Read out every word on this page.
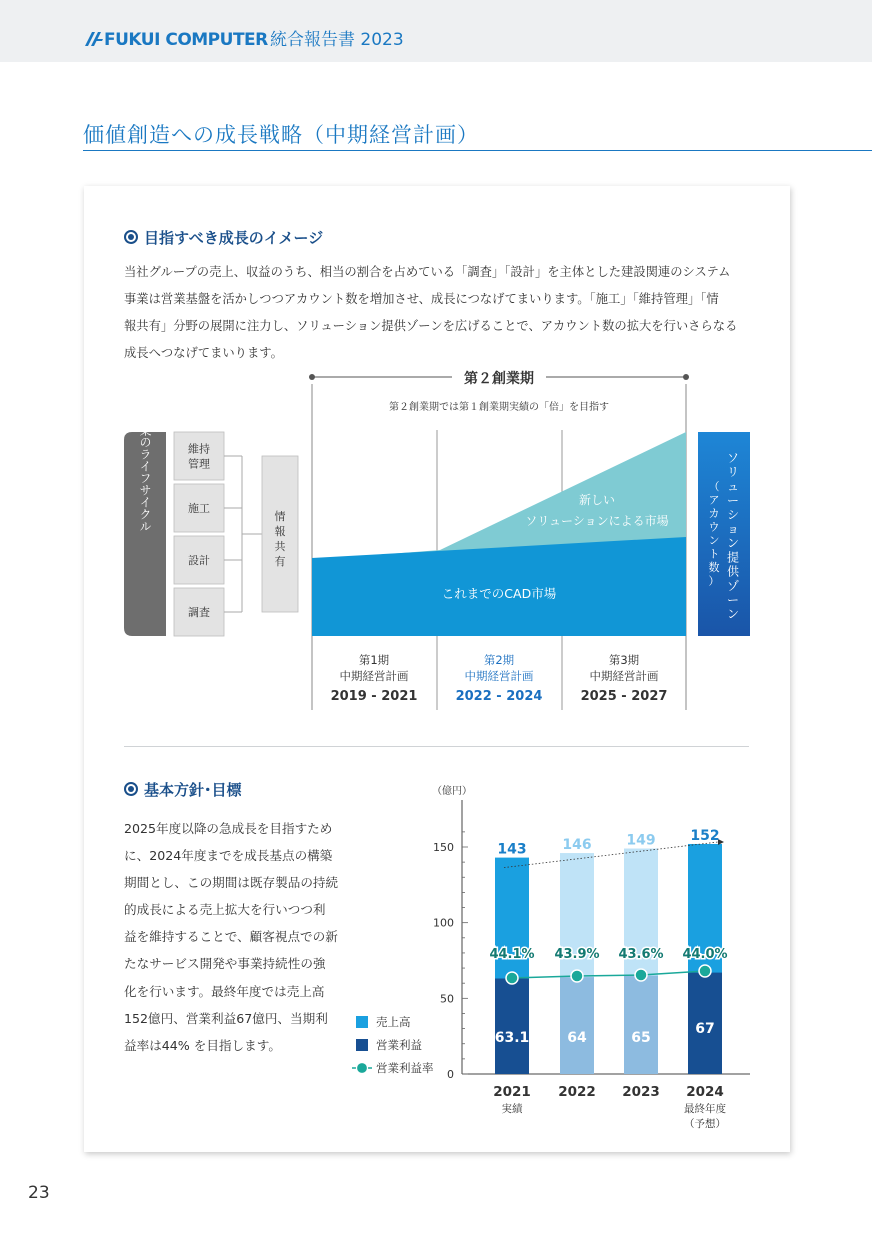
FUKUI COMPUTER 統合報告書 2023
価値創造への成長戦略（中期経営計画）
目指すべき成長のイメージ
当社グループの売上、収益のうち、相当の割合を占めている「調査」「設計」を主体とした建設関連のシステム
事業は営業基盤を活かしつつアカウント数を増加させ、成長につなげてまいります。「施工」「維持管理」「情
報共有」分野の展開に注力し、ソリューション提供ゾーンを広げることで、アカウント数の拡大を行いさらなる
成長へつなげてまいります。
第２創業期
第２創業期では第１創業期実績の「倍」を目指す
建設業のライフサイクル	維持
管理
施工
設計
調査
情
報
共
有
新しい
ソリューションによる市場
これまでのCAD市場
ソ
リ
ュ
ー
シ
ョ
ン
提
供
ゾ
ー
ン
（
ア
カ
ウ
ン
ト
数
）
第1期
中期経営計画
2019 - 2021
第2期
中期経営計画
2022 - 2024
第3期
中期経営計画
2025 - 2027
基本方針･目標
2025年度以降の急成長を目指すため
に、2024年度までを成長基点の構築
期間とし、この期間は既存製品の持続
的成長による売上拡大を行いつつ利
益を維持することで、顧客視点での新
たなサービス開発や事業持続性の強
化を行います。最終年度では売上高
152億円、営業利益67億円、当期利
益率は44% を目指します。
（億円）
0
50
100
150	143	146 149 152
63.1	64	65
67
44.1% 43.9% 43.6% 44.0%
2021
実績
2022 2023 2024
最終年度
（予想）
売上高
営業利益
営業利益率
23
